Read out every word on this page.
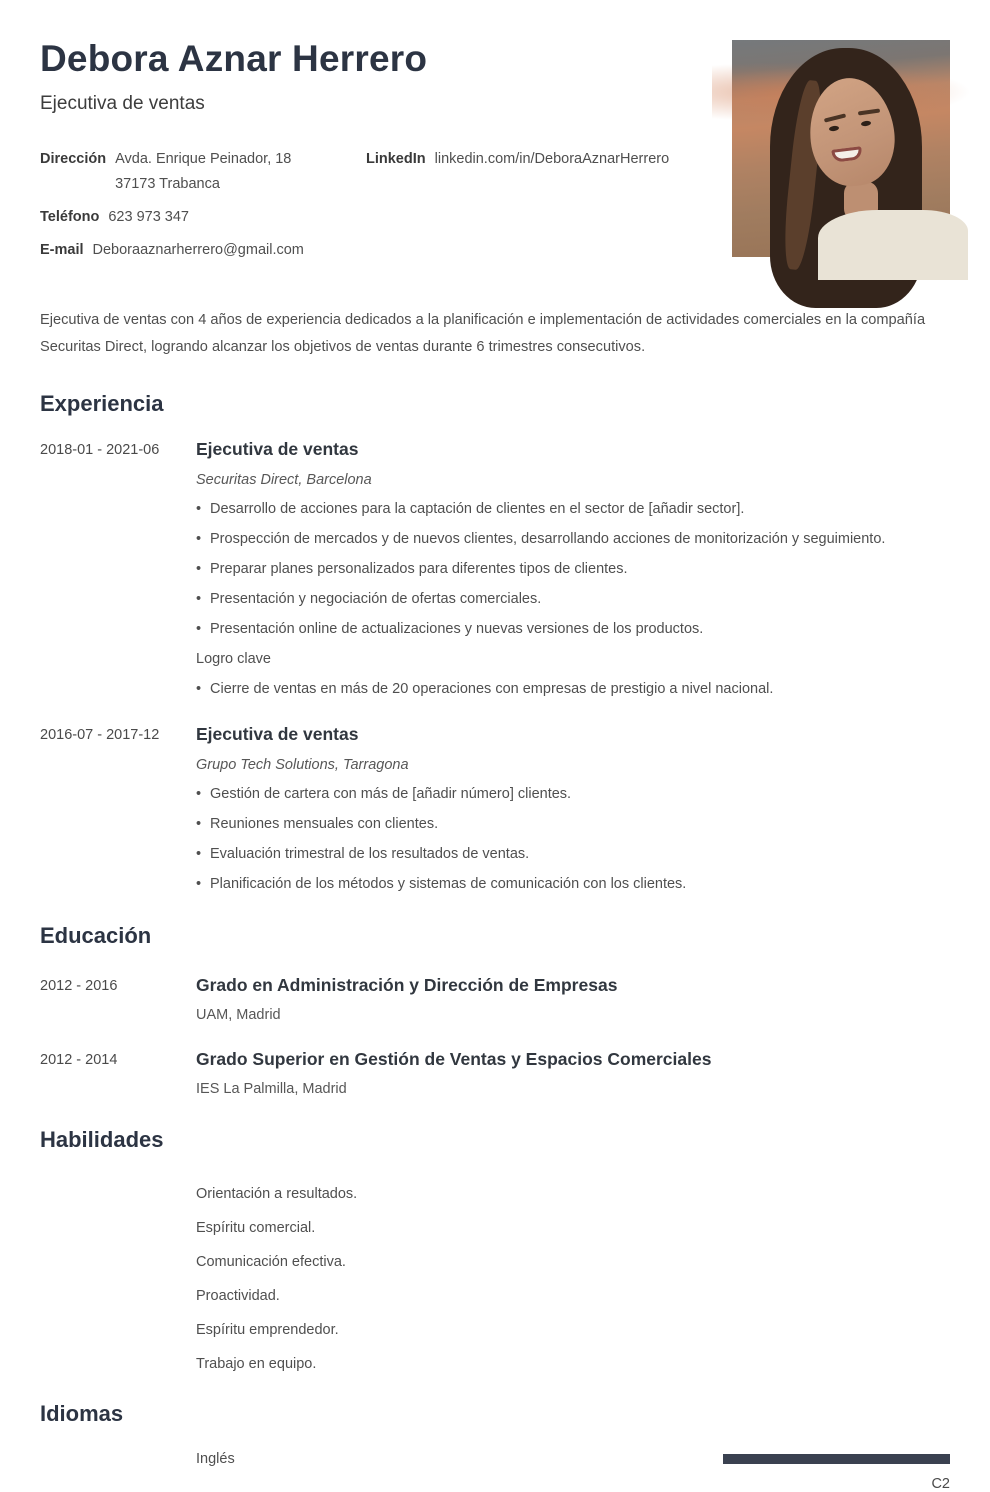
Debora Aznar Herrero
Ejecutiva de ventas
Dirección Avda. Enrique Peinador, 18
37173 Trabanca
Teléfono 623 973 347
E-mail Deboraaznarherrero@gmail.com
LinkedIn linkedin.com/in/DeboraAznarHerrero

Ejecutiva de ventas con 4 años de experiencia dedicados a la planificación e implementación de actividades comerciales en la compañía Securitas Direct, logrando alcanzar los objetivos de ventas durante 6 trimestres consecutivos.

Experiencia
2018-01 - 2021-06	Ejecutiva de ventas
Securitas Direct, Barcelona
• Desarrollo de acciones para la captación de clientes en el sector de [añadir sector].
• Prospección de mercados y de nuevos clientes, desarrollando acciones de monitorización y seguimiento.
• Preparar planes personalizados para diferentes tipos de clientes.
• Presentación y negociación de ofertas comerciales.
• Presentación online de actualizaciones y nuevas versiones de los productos.
Logro clave
• Cierre de ventas en más de 20 operaciones con empresas de prestigio a nivel nacional.
2016-07 - 2017-12	Ejecutiva de ventas
Grupo Tech Solutions, Tarragona
• Gestión de cartera con más de [añadir número] clientes.
• Reuniones mensuales con clientes.
• Evaluación trimestral de los resultados de ventas.
• Planificación de los métodos y sistemas de comunicación con los clientes.
Educación
2012 - 2016	Grado en Administración y Dirección de Empresas
UAM, Madrid
2012 - 2014	Grado Superior en Gestión de Ventas y Espacios Comerciales
IES La Palmilla, Madrid
Habilidades
Orientación a resultados.
Espíritu comercial.
Comunicación efectiva.
Proactividad.
Espíritu emprendedor.
Trabajo en equipo.
Idiomas
Inglés
C2
